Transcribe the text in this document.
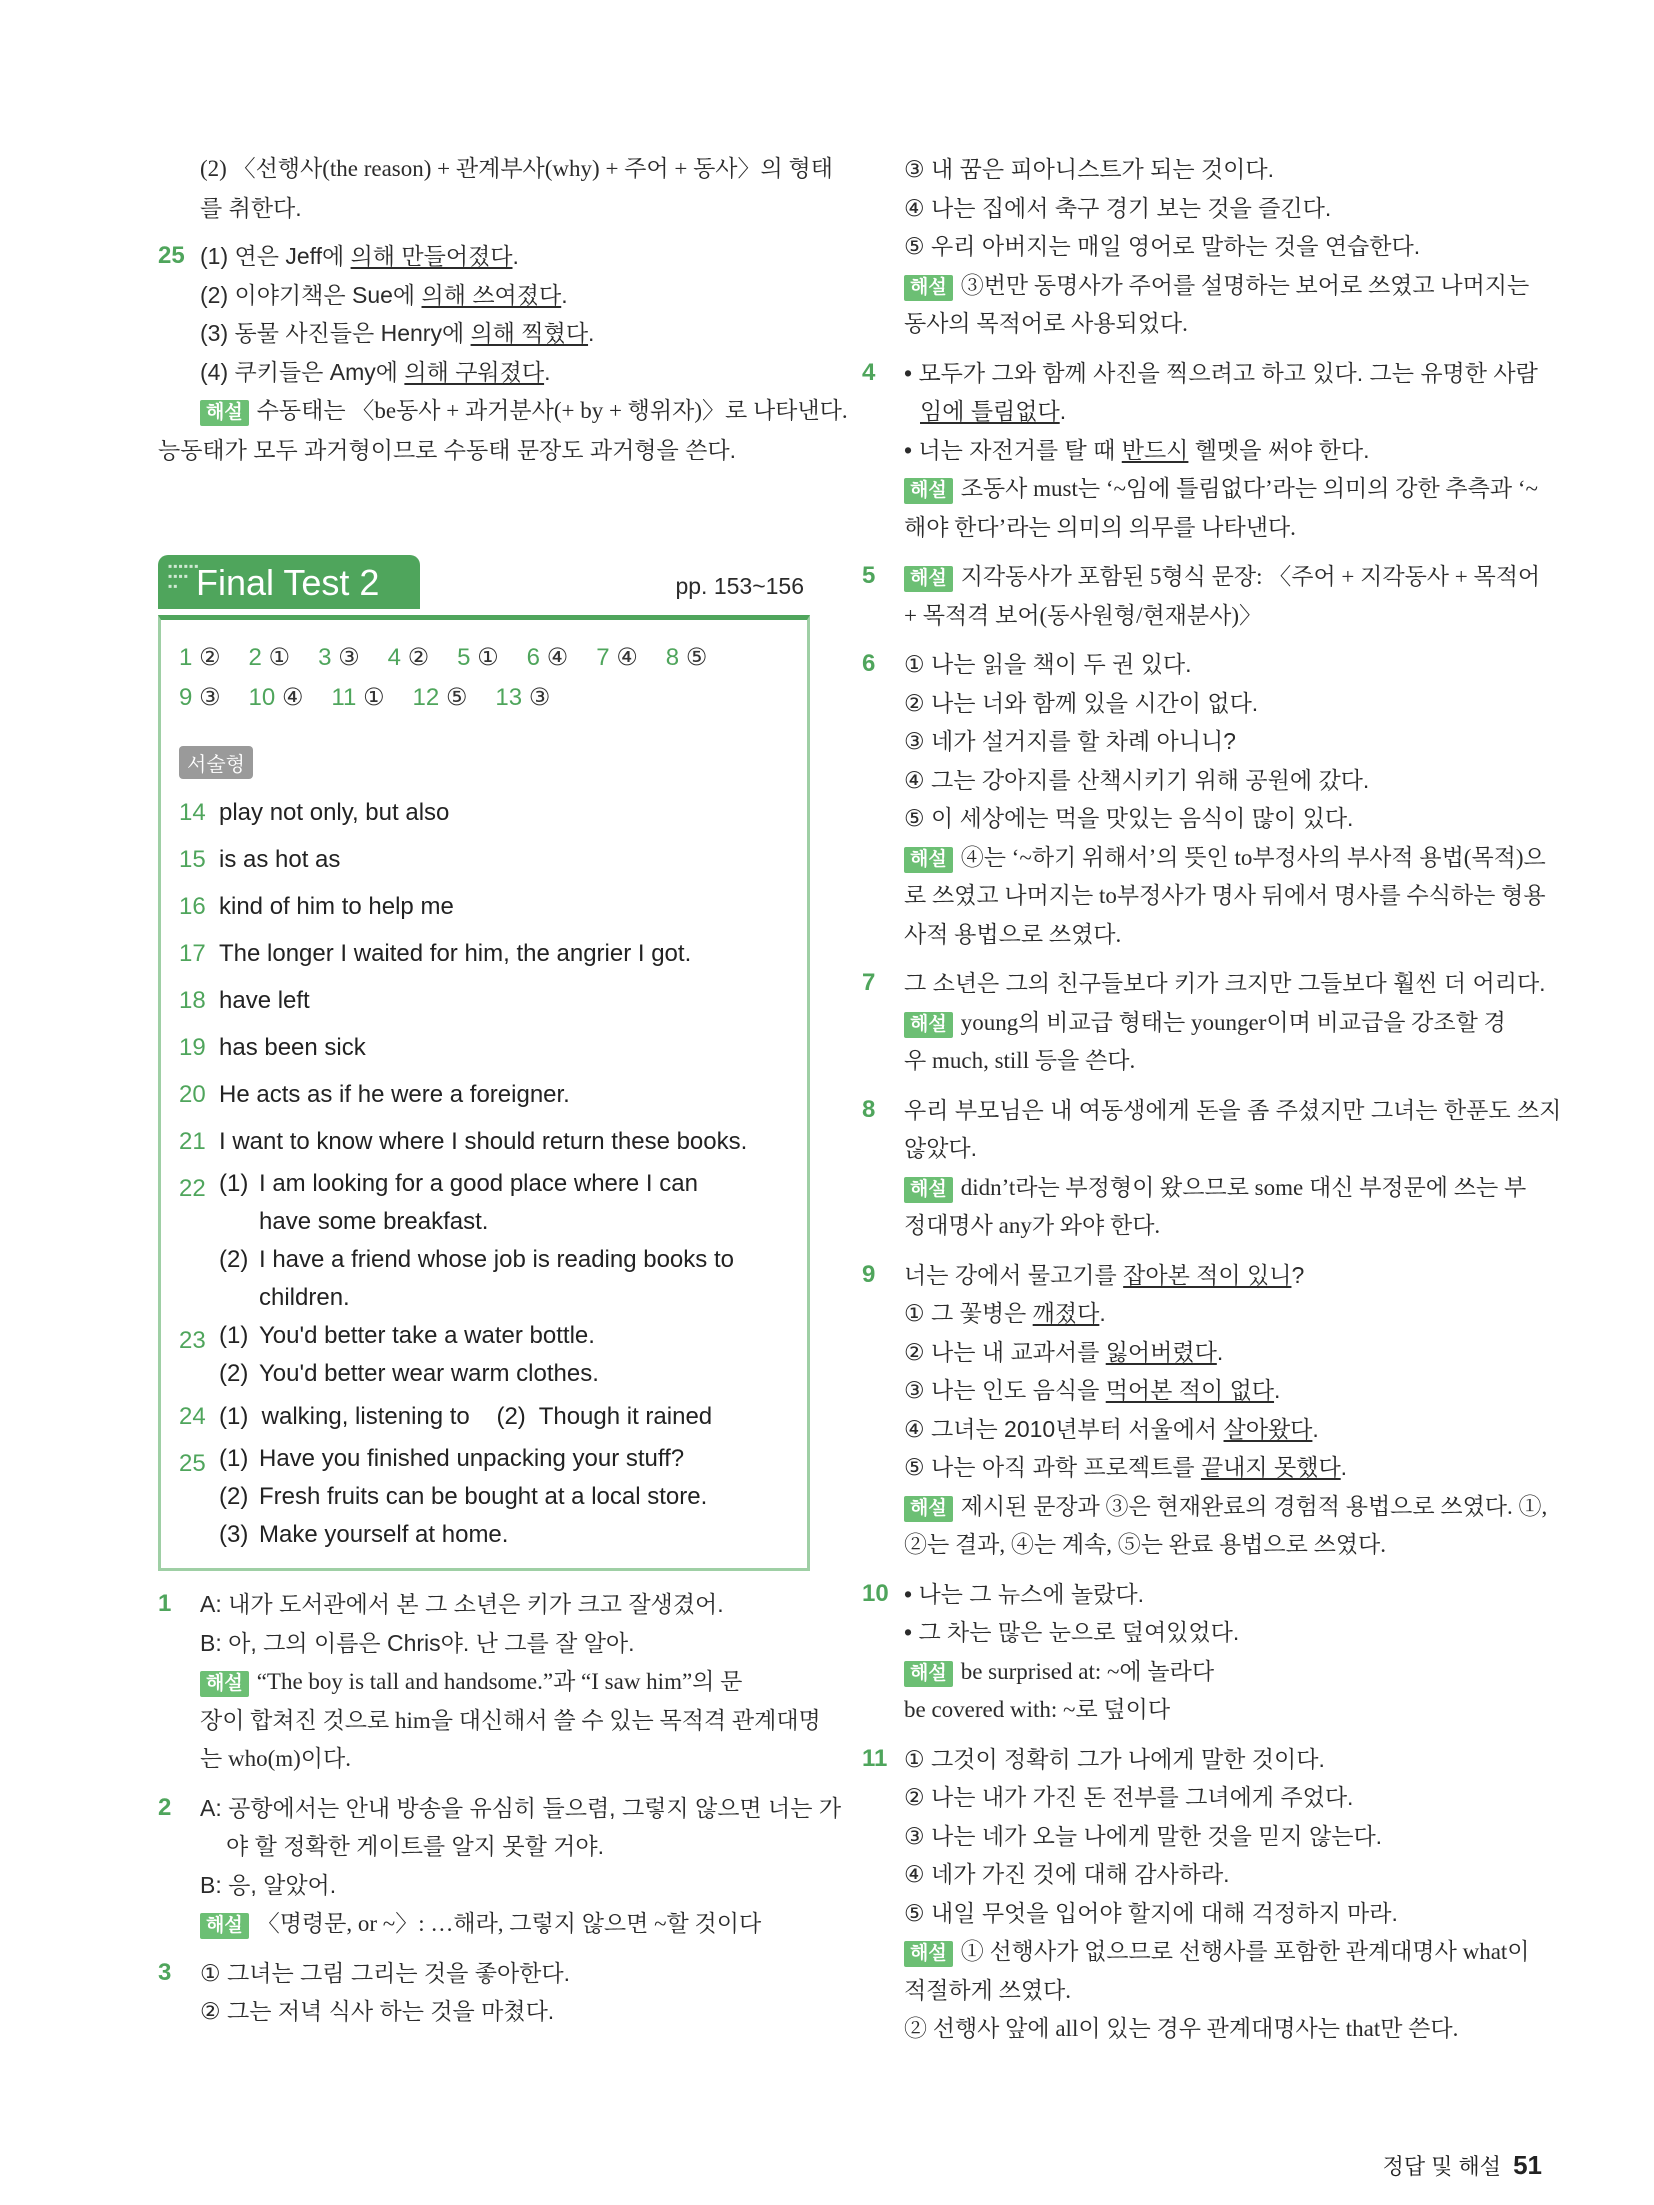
(2) 〈선행사(the reason) + 관계부사(why) + 주어 + 동사〉의 형태
를 취한다.
25 (1) 연은 Jeff에 의해 만들어졌다.
(2) 이야기책은 Sue에 의해 쓰여졌다.
(3) 동물 사진들은 Henry에 의해 찍혔다.
(4) 쿠키들은 Amy에 의해 구워졌다.
해설 수동태는 〈be동사 + 과거분사(+ by + 행위자)〉로 나타낸다.
능동태가 모두 과거형이므로 수동태 문장도 과거형을 쓴다.
▪▪▪▪▪▪
▪▪▪▪
▪▪ Final Test 2	pp. 153~156
1 ② 2 ① 3 ③ 4 ② 5 ① 6 ④ 7 ④ 8 ⑤
9 ③ 10 ④ 11 ① 12 ⑤ 13 ③
서술형
14 play not only, but also
15 is as hot as
16 kind of him to help me
17 The longer I waited for him, the angrier I got.
18 have left
19 has been sick
20 He acts as if he were a foreigner.
21 I want to know where I should return these books.
22 (1) I am looking for a good place where I can
have some breakfast.
(2) I have a friend whose job is reading books to
children.
23 (1) You'd better take a water bottle.
(2) You'd better wear warm clothes.
24 (1)  walking, listening to    (2)  Though it rained
25 (1) Have you finished unpacking your stuff?
(2) Fresh fruits can be bought at a local store.
(3) Make yourself at home.
1 A: 내가 도서관에서 본 그 소년은 키가 크고 잘생겼어.
B: 아, 그의 이름은 Chris야. 난 그를 잘 알아.
해설 “The boy is tall and handsome.”과 “I saw him”의 문
장이 합쳐진 것으로 him을 대신해서 쓸 수 있는 목적격 관계대명
는 who(m)이다.
2 A: 공항에서는 안내 방송을 유심히 들으렴, 그렇지 않으면 너는 가
야 할 정확한 게이트를 알지 못할 거야.
B: 응, 알았어.
해설 〈명령문, or ~〉: …해라, 그렇지 않으면 ~할 것이다
3 ① 그녀는 그림 그리는 것을 좋아한다.
② 그는 저녁 식사 하는 것을 마쳤다.
③ 내 꿈은 피아니스트가 되는 것이다.
④ 나는 집에서 축구 경기 보는 것을 즐긴다.
⑤ 우리 아버지는 매일 영어로 말하는 것을 연습한다.
해설 ③번만 동명사가 주어를 설명하는 보어로 쓰였고 나머지는
동사의 목적어로 사용되었다.
4 • 모두가 그와 함께 사진을 찍으려고 하고 있다. 그는 유명한 사람
임에 틀림없다.
• 너는 자전거를 탈 때 반드시 헬멧을 써야 한다.
해설 조동사 must는 ‘~임에 틀림없다’라는 의미의 강한 추측과 ‘~
해야 한다’라는 의미의 의무를 나타낸다.
5	해설 지각동사가 포함된 5형식 문장: 〈주어 + 지각동사 + 목적어
+ 목적격 보어(동사원형/현재분사)〉
6 ① 나는 읽을 책이 두 권 있다.
② 나는 너와 함께 있을 시간이 없다.
③ 네가 설거지를 할 차례 아니니?
④ 그는 강아지를 산책시키기 위해 공원에 갔다.
⑤ 이 세상에는 먹을 맛있는 음식이 많이 있다.
해설 ④는 ‘~하기 위해서’의 뜻인 to부정사의 부사적 용법(목적)으
로 쓰였고 나머지는 to부정사가 명사 뒤에서 명사를 수식하는 형용
사적 용법으로 쓰였다.
7 그 소년은 그의 친구들보다 키가 크지만 그들보다 훨씬 더 어리다.
해설 young의 비교급 형태는 younger이며 비교급을 강조할 경
우 much, still 등을 쓴다.
8 우리 부모님은 내 여동생에게 돈을 좀 주셨지만 그녀는 한푼도 쓰지
않았다.
해설 didn’t라는 부정형이 왔으므로 some 대신 부정문에 쓰는 부
정대명사 any가 와야 한다.
9 너는 강에서 물고기를 잡아본 적이 있니?
① 그 꽃병은 깨졌다.
② 나는 내 교과서를 잃어버렸다.
③ 나는 인도 음식을 먹어본 적이 없다.
④ 그녀는 2010년부터 서울에서 살아왔다.
⑤ 나는 아직 과학 프로젝트를 끝내지 못했다.
해설 제시된 문장과 ③은 현재완료의 경험적 용법으로 쓰였다. ①,
②는 결과, ④는 계속, ⑤는 완료 용법으로 쓰였다.
10 • 나는 그 뉴스에 놀랐다.
• 그 차는 많은 눈으로 덮여있었다.
해설 be surprised at: ~에 놀라다
be covered with: ~로 덮이다
11 ① 그것이 정확히 그가 나에게 말한 것이다.
② 나는 내가 가진 돈 전부를 그녀에게 주었다.
③ 나는 네가 오늘 나에게 말한 것을 믿지 않는다.
④ 네가 가진 것에 대해 감사하라.
⑤ 내일 무엇을 입어야 할지에 대해 걱정하지 마라.
해설 ① 선행사가 없으므로 선행사를 포함한 관계대명사 what이
적절하게 쓰였다.
② 선행사 앞에 all이 있는 경우 관계대명사는 that만 쓴다.
정답 및 해설 51
